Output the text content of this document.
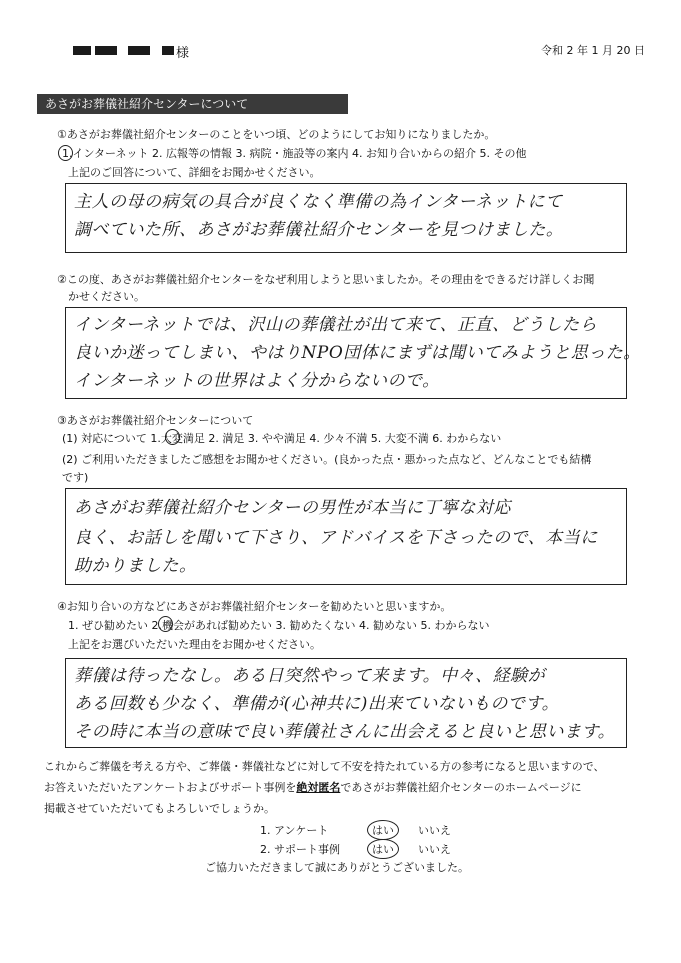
様	令和 2 年 1 月 20 日
あさがお葬儀社紹介センターについて
①あさがお葬儀社紹介センターのことをいつ頃、どのようにしてお知りになりましたか。
1.インターネット 2. 広報等の情報 3. 病院・施設等の案内 4. お知り合いからの紹介 5. その他
上記のご回答について、詳細をお聞かせください。
主人の母の病気の具合が良くなく準備の為インターネットにて
調べていた所、あさがお葬儀社紹介センターを見つけました。
②この度、あさがお葬儀社紹介センターをなぜ利用しようと思いましたか。その理由をできるだけ詳しくお聞
かせください。
インターネットでは、沢山の葬儀社が出て来て、正直、どうしたら
良いか迷ってしまい、やはりNPO団体にまずは聞いてみようと思った。
インターネットの世界はよく分からないので。
③あさがお葬儀社紹介センターについて
(1) 対応について 1.大変満足 2. 満足 3. やや満足 4. 少々不満 5. 大変不満 6. わからない
(2) ご利用いただきましたご感想をお聞かせください。(良かった点・悪かった点など、どんなことでも結構
です)
あさがお葬儀社紹介センターの男性が本当に丁寧な対応
良く、お話しを聞いて下さり、アドバイスを下さったので、本当に
助かりました。
④お知り合いの方などにあさがお葬儀社紹介センターを勧めたいと思いますか。
1. ぜひ勧めたい 2.機会があれば勧めたい 3. 勧めたくない 4. 勧めない 5. わからない
上記をお選びいただいた理由をお聞かせください。
葬儀は待ったなし。ある日突然やって来ます。中々、経験が
ある回数も少なく、準備が(心神共に)出来ていないものです。
その時に本当の意味で良い葬儀社さんに出会えると良いと思います。
これからご葬儀を考える方や、ご葬儀・葬儀社などに対して不安を持たれている方の参考になると思いますので、
お答えいただいたアンケートおよびサポート事例を絶対匿名であさがお葬儀社紹介センターのホームページに
掲載させていただいてもよろしいでしょうか。
1. アンケート	はい いいえ
2. サポート事例	はい いいえ
ご協力いただきまして誠にありがとうございました。
